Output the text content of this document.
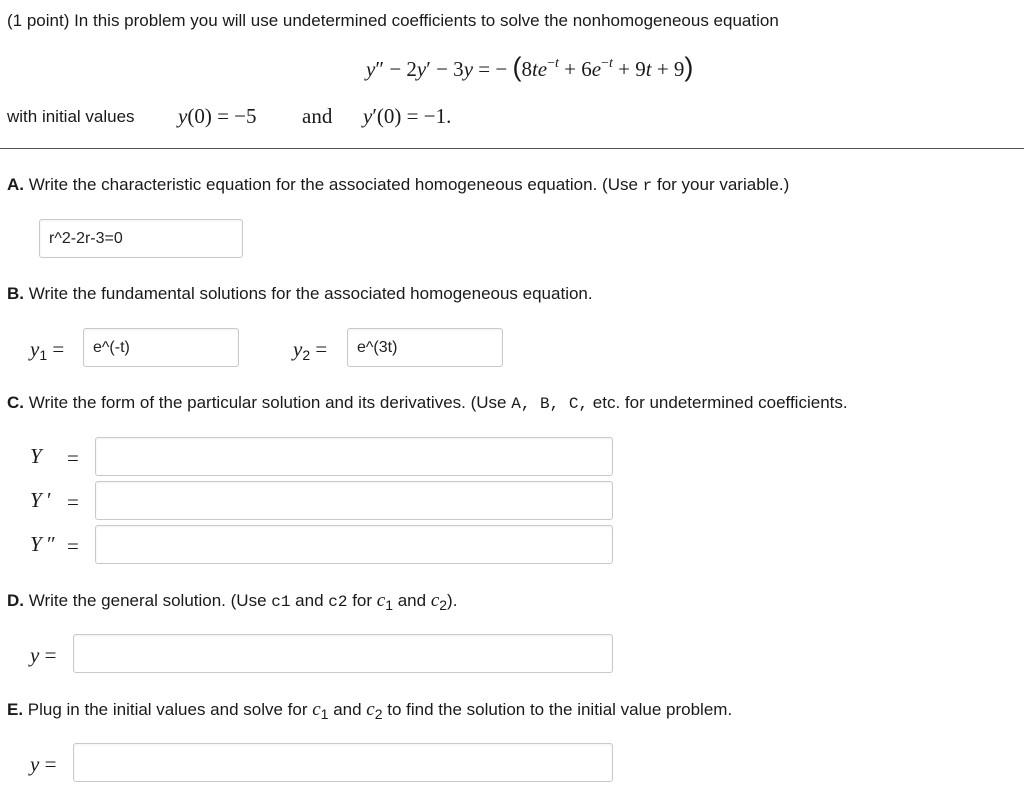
(1 point) In this problem you will use undetermined coefficients to solve the nonhomogeneous equation
y″ − 2y′ − 3y = − $(8te^{-t} + 6e^{-t} + 9t + 9)$
with initial values y(0) = −5 and y′(0) = −1.
A. Write the characteristic equation for the associated homogeneous equation. (Use r for your variable.)
r^2-2r-3=0
B. Write the fundamental solutions for the associated homogeneous equation.
$y_1$ =
e^(-t)	$y_2$ =
e^(3t)
C. Write the form of the particular solution and its derivatives. (Use A, B, C, etc. for undetermined coefficients.
Y =
Y ′ =
Y ″ =
D. Write the general solution. (Use c1 and c2 for $c_1$ and $c_2$).
y =
E. Plug in the initial values and solve for $c_1$ and $c_2$ to find the solution to the initial value problem.
y =
